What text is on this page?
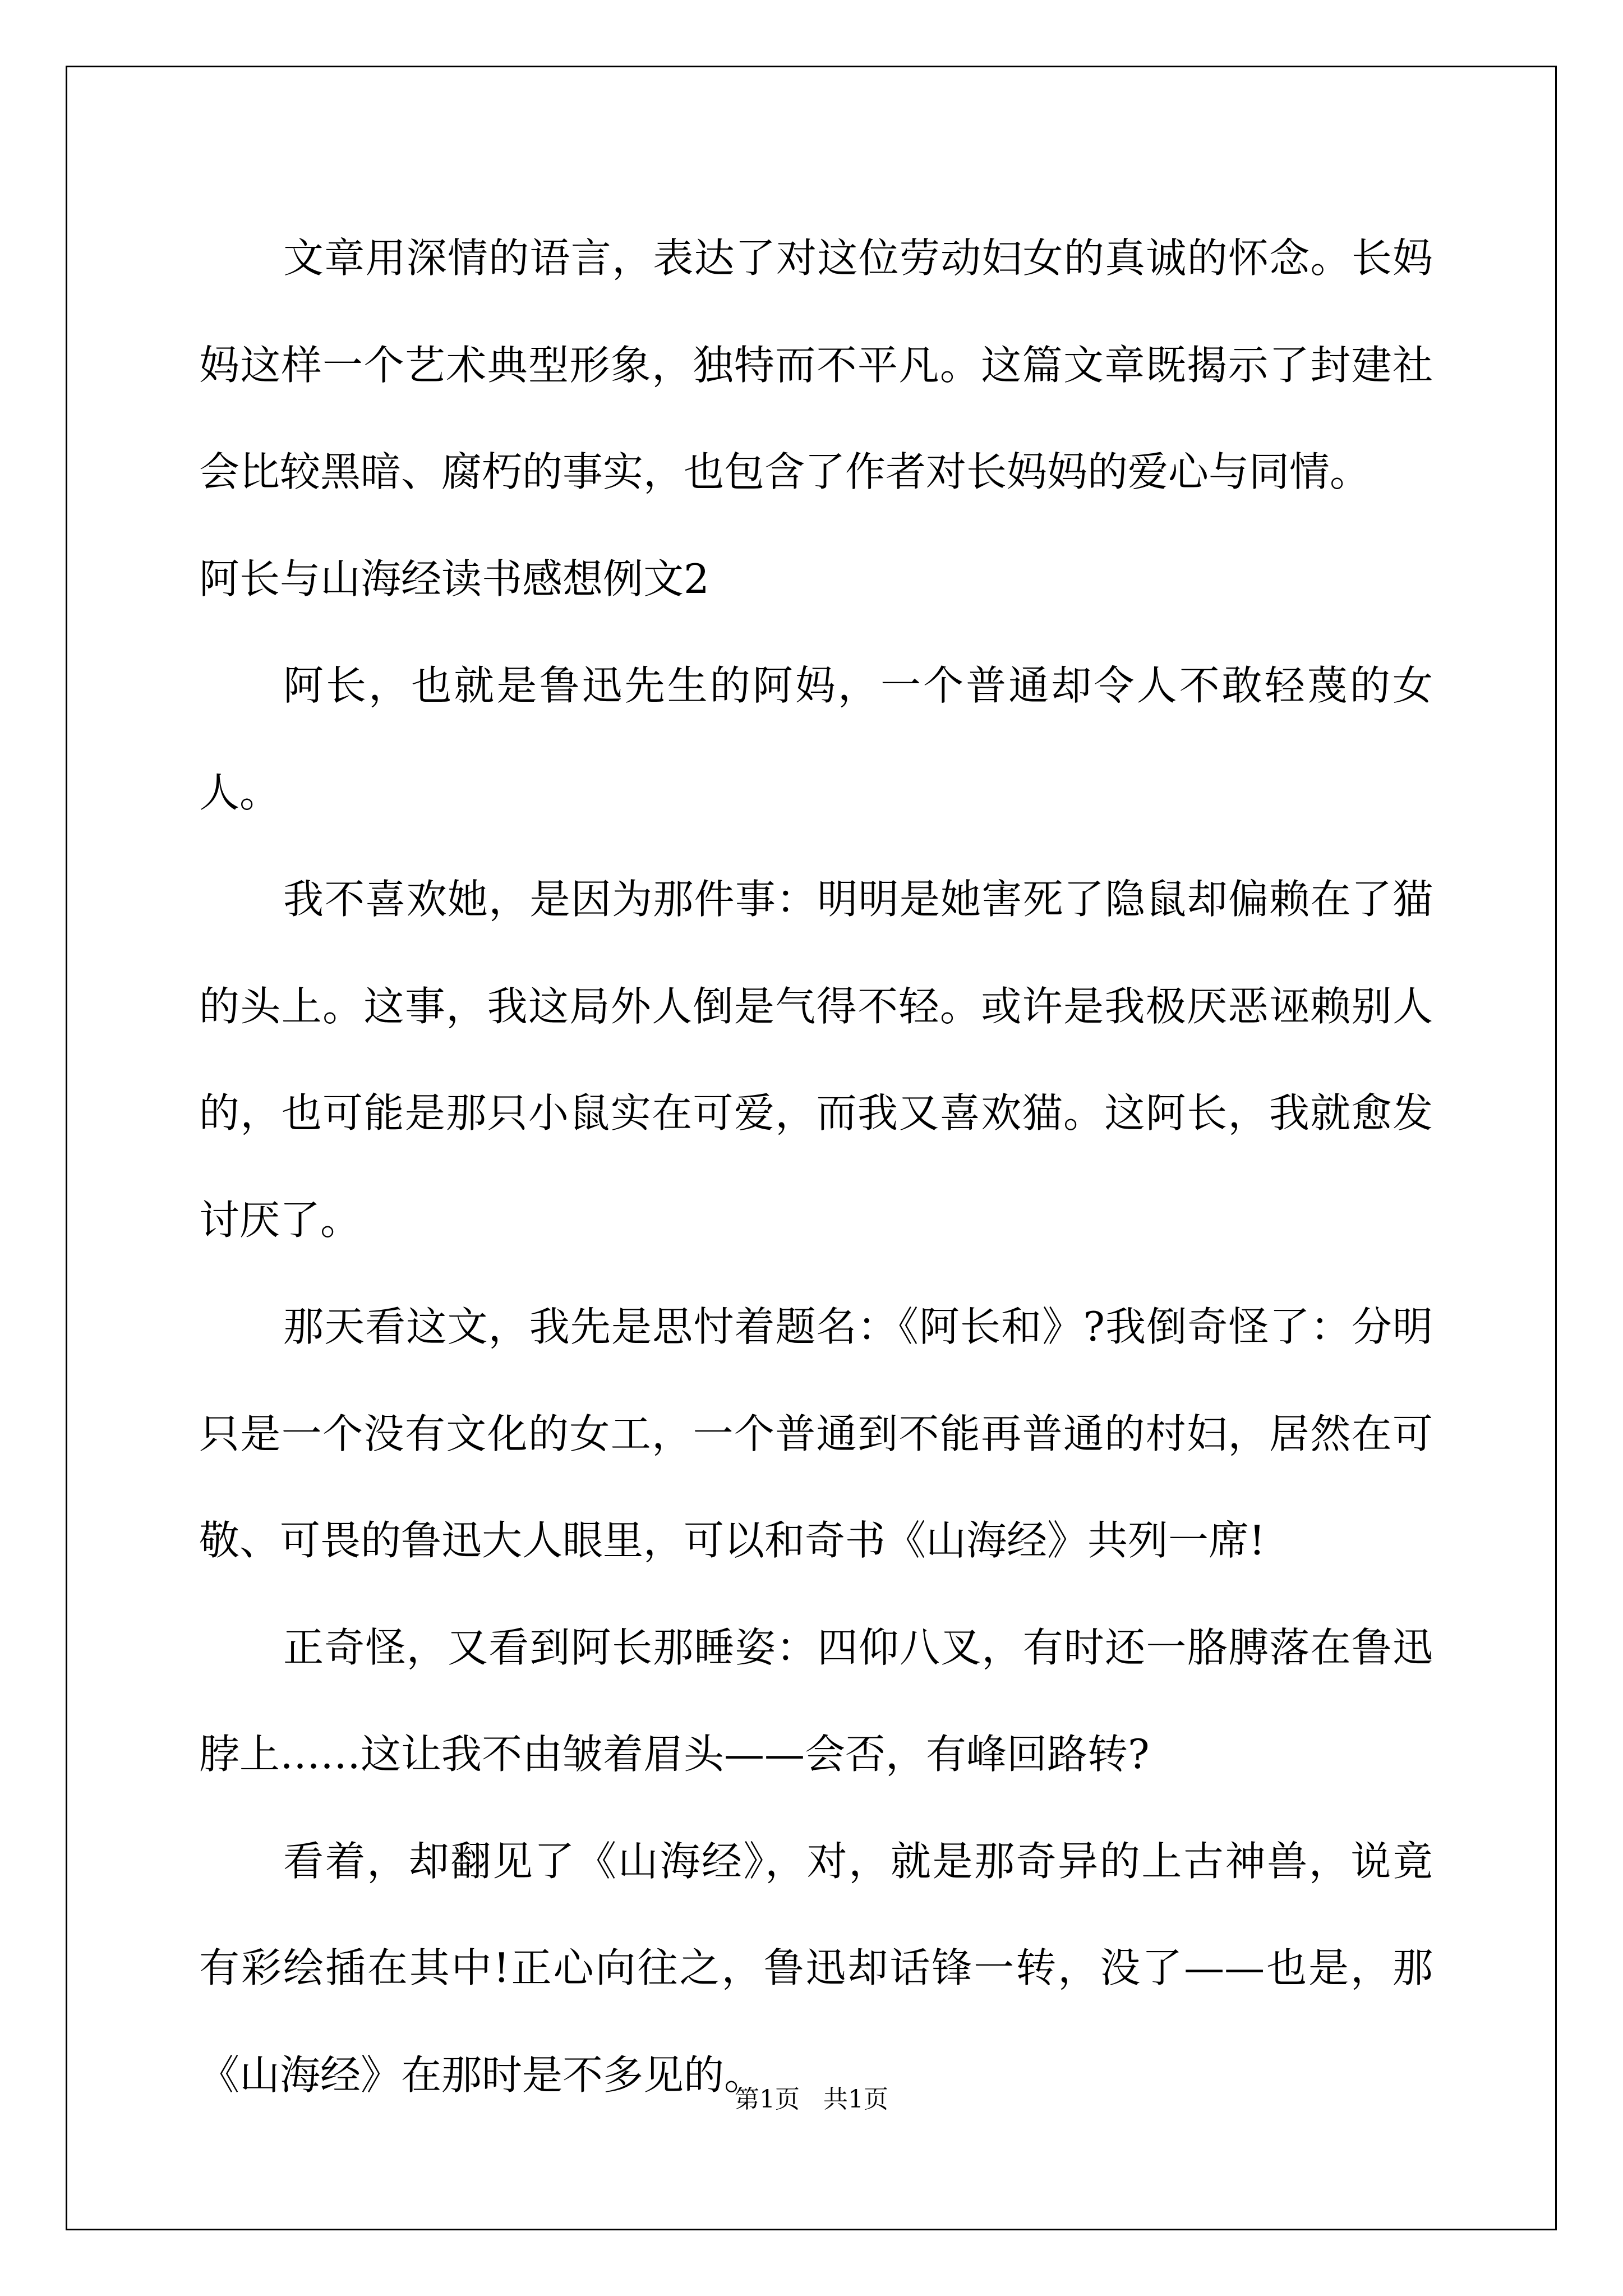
文章用深情的语言，表达了对这位劳动妇女的真诚的怀念。长妈妈这样一个艺术典型形象，独特而不平凡。这篇文章既揭示了封建社会比较黑暗、腐朽的事实，也包含了作者对长妈妈的爱心与同情。

阿长与山海经读书感想例文2

阿长，也就是鲁迅先生的阿妈，一个普通却令人不敢轻蔑的女人。

我不喜欢她，是因为那件事：明明是她害死了隐鼠却偏赖在了猫的头上。这事，我这局外人倒是气得不轻。或许是我极厌恶诬赖别人的，也可能是那只小鼠实在可爱，而我又喜欢猫。这阿长，我就愈发讨厌了。

那天看这文，我先是思忖着题名：《阿长和》?我倒奇怪了：分明只是一个没有文化的女工，一个普通到不能再普通的村妇，居然在可敬、可畏的鲁迅大人眼里，可以和奇书《山海经》共列一席!

正奇怪，又看到阿长那睡姿：四仰八叉，有时还一胳膊落在鲁迅脖上……这让我不由皱着眉头——会否，有峰回路转?

看着，却翻见了《山海经》，对，就是那奇异的上古神兽，说竟有彩绘插在其中!正心向往之，鲁迅却话锋一转，没了——也是，那《山海经》在那时是不多见的。

第1页 共1页
